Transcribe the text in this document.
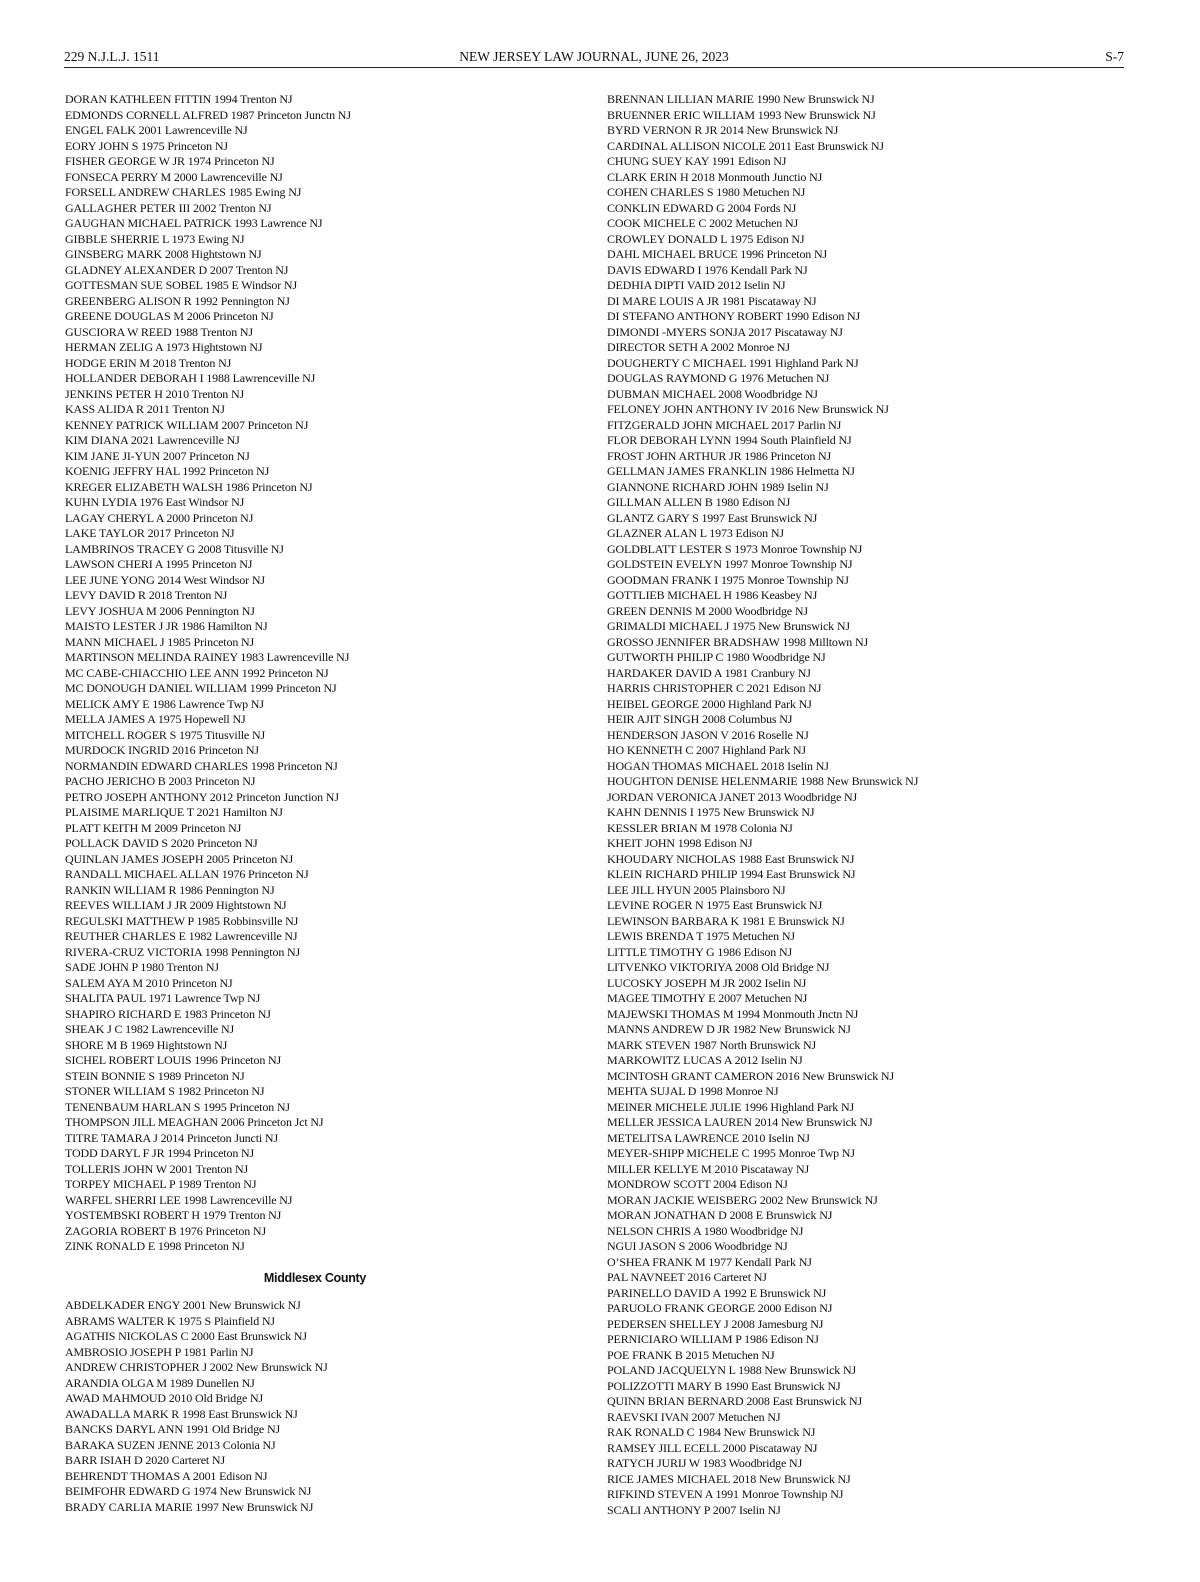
229 N.J.L.J. 1511	NEW JERSEY LAW JOURNAL, JUNE 26, 2023	S-7
DORAN KATHLEEN FITTIN 1994 Trenton NJ
EDMONDS CORNELL ALFRED 1987 Princeton Junctn NJ
ENGEL FALK 2001 Lawrenceville NJ
EORY JOHN S 1975 Princeton NJ
FISHER GEORGE W JR 1974 Princeton NJ
FONSECA PERRY M 2000 Lawrenceville NJ
FORSELL ANDREW CHARLES 1985 Ewing NJ
GALLAGHER PETER III 2002 Trenton NJ
GAUGHAN MICHAEL PATRICK 1993 Lawrence NJ
GIBBLE SHERRIE L 1973 Ewing NJ
GINSBERG MARK 2008 Hightstown NJ
GLADNEY ALEXANDER D 2007 Trenton NJ
GOTTESMAN SUE SOBEL 1985 E Windsor NJ
GREENBERG ALISON R 1992 Pennington NJ
GREENE DOUGLAS M 2006 Princeton NJ
GUSCIORA W REED 1988 Trenton NJ
HERMAN ZELIG A 1973 Hightstown NJ
HODGE ERIN M 2018 Trenton NJ
HOLLANDER DEBORAH I 1988 Lawrenceville NJ
JENKINS PETER H 2010 Trenton NJ
KASS ALIDA R 2011 Trenton NJ
KENNEY PATRICK WILLIAM 2007 Princeton NJ
KIM DIANA 2021 Lawrenceville NJ
KIM JANE JI-YUN 2007 Princeton NJ
KOENIG JEFFRY HAL 1992 Princeton NJ
KREGER ELIZABETH WALSH 1986 Princeton NJ
KUHN LYDIA 1976 East Windsor NJ
LAGAY CHERYL A 2000 Princeton NJ
LAKE TAYLOR 2017 Princeton NJ
LAMBRINOS TRACEY G 2008 Titusville NJ
LAWSON CHERI A 1995 Princeton NJ
LEE JUNE YONG 2014 West Windsor NJ
LEVY DAVID R 2018 Trenton NJ
LEVY JOSHUA M 2006 Pennington NJ
MAISTO LESTER J JR 1986 Hamilton NJ
MANN MICHAEL J 1985 Princeton NJ
MARTINSON MELINDA RAINEY 1983 Lawrenceville NJ
MC CABE-CHIACCHIO LEE ANN 1992 Princeton NJ
MC DONOUGH DANIEL WILLIAM 1999 Princeton NJ
MELICK AMY E 1986 Lawrence Twp NJ
MELLA JAMES A 1975 Hopewell NJ
MITCHELL ROGER S 1975 Titusville NJ
MURDOCK INGRID 2016 Princeton NJ
NORMANDIN EDWARD CHARLES 1998 Princeton NJ
PACHO JERICHO B 2003 Princeton NJ
PETRO JOSEPH ANTHONY 2012 Princeton Junction NJ
PLAISIME MARLIQUE T 2021 Hamilton NJ
PLATT KEITH M 2009 Princeton NJ
POLLACK DAVID S 2020 Princeton NJ
QUINLAN JAMES JOSEPH 2005 Princeton NJ
RANDALL MICHAEL ALLAN 1976 Princeton NJ
RANKIN WILLIAM R 1986 Pennington NJ
REEVES WILLIAM J JR 2009 Hightstown NJ
REGULSKI MATTHEW P 1985 Robbinsville NJ
REUTHER CHARLES E 1982 Lawrenceville NJ
RIVERA-CRUZ VICTORIA 1998 Pennington NJ
SADE JOHN P 1980 Trenton NJ
SALEM AYA M 2010 Princeton NJ
SHALITA PAUL 1971 Lawrence Twp NJ
SHAPIRO RICHARD E 1983 Princeton NJ
SHEAK J C 1982 Lawrenceville NJ
SHORE M B 1969 Hightstown NJ
SICHEL ROBERT LOUIS 1996 Princeton NJ
STEIN BONNIE S 1989 Princeton NJ
STONER WILLIAM S 1982 Princeton NJ
TENENBAUM HARLAN S 1995 Princeton NJ
THOMPSON JILL MEAGHAN 2006 Princeton Jct NJ
TITRE TAMARA J 2014 Princeton Juncti NJ
TODD DARYL F JR 1994 Princeton NJ
TOLLERIS JOHN W 2001 Trenton NJ
TORPEY MICHAEL P 1989 Trenton NJ
WARFEL SHERRI LEE 1998 Lawrenceville NJ
YOSTEMBSKI ROBERT H 1979 Trenton NJ
ZAGORIA ROBERT B 1976 Princeton NJ
ZINK RONALD E 1998 Princeton NJ
Middlesex County
ABDELKADER ENGY 2001 New Brunswick NJ
ABRAMS WALTER K 1975 S Plainfield NJ
AGATHIS NICKOLAS C 2000 East Brunswick NJ
AMBROSIO JOSEPH P 1981 Parlin NJ
ANDREW CHRISTOPHER J 2002 New Brunswick NJ
ARANDIA OLGA M 1989 Dunellen NJ
AWAD MAHMOUD 2010 Old Bridge NJ
AWADALLA MARK R 1998 East Brunswick NJ
BANCKS DARYL ANN 1991 Old Bridge NJ
BARAKA SUZEN JENNE 2013 Colonia NJ
BARR ISIAH D 2020 Carteret NJ
BEHRENDT THOMAS A 2001 Edison NJ
BEIMFOHR EDWARD G 1974 New Brunswick NJ
BRADY CARLIA MARIE 1997 New Brunswick NJ
BRENNAN LILLIAN MARIE 1990 New Brunswick NJ
BRUENNER ERIC WILLIAM 1993 New Brunswick NJ
BYRD VERNON R JR 2014 New Brunswick NJ
CARDINAL ALLISON NICOLE 2011 East Brunswick NJ
CHUNG SUEY KAY 1991 Edison NJ
CLARK ERIN H 2018 Monmouth Junctio NJ
COHEN CHARLES S 1980 Metuchen NJ
CONKLIN EDWARD G 2004 Fords NJ
COOK MICHELE C 2002 Metuchen NJ
CROWLEY DONALD L 1975 Edison NJ
DAHL MICHAEL BRUCE 1996 Princeton NJ
DAVIS EDWARD I 1976 Kendall Park NJ
DEDHIA DIPTI VAID 2012 Iselin NJ
DI MARE LOUIS A JR 1981 Piscataway NJ
DI STEFANO ANTHONY ROBERT 1990 Edison NJ
DIMONDI -MYERS SONJA 2017 Piscataway NJ
DIRECTOR SETH A 2002 Monroe NJ
DOUGHERTY C MICHAEL 1991 Highland Park NJ
DOUGLAS RAYMOND G 1976 Metuchen NJ
DUBMAN MICHAEL 2008 Woodbridge NJ
FELONEY JOHN ANTHONY IV 2016 New Brunswick NJ
FITZGERALD JOHN MICHAEL 2017 Parlin NJ
FLOR DEBORAH LYNN 1994 South Plainfield NJ
FROST JOHN ARTHUR JR 1986 Princeton NJ
GELLMAN JAMES FRANKLIN 1986 Helmetta NJ
GIANNONE RICHARD JOHN 1989 Iselin NJ
GILLMAN ALLEN B 1980 Edison NJ
GLANTZ GARY S 1997 East Brunswick NJ
GLAZNER ALAN L 1973 Edison NJ
GOLDBLATT LESTER S 1973 Monroe Township NJ
GOLDSTEIN EVELYN 1997 Monroe Township NJ
GOODMAN FRANK I 1975 Monroe Township NJ
GOTTLIEB MICHAEL H 1986 Keasbey NJ
GREEN DENNIS M 2000 Woodbridge NJ
GRIMALDI MICHAEL J 1975 New Brunswick NJ
GROSSO JENNIFER BRADSHAW 1998 Milltown NJ
GUTWORTH PHILIP C 1980 Woodbridge NJ
HARDAKER DAVID A 1981 Cranbury NJ
HARRIS CHRISTOPHER C 2021 Edison NJ
HEIBEL GEORGE 2000 Highland Park NJ
HEIR AJIT SINGH 2008 Columbus NJ
HENDERSON JASON V 2016 Roselle NJ
HO KENNETH C 2007 Highland Park NJ
HOGAN THOMAS MICHAEL 2018 Iselin NJ
HOUGHTON DENISE HELENMARIE 1988 New Brunswick NJ
JORDAN VERONICA JANET 2013 Woodbridge NJ
KAHN DENNIS I 1975 New Brunswick NJ
KESSLER BRIAN M 1978 Colonia NJ
KHEIT JOHN 1998 Edison NJ
KHOUDARY NICHOLAS 1988 East Brunswick NJ
KLEIN RICHARD PHILIP 1994 East Brunswick NJ
LEE JILL HYUN 2005 Plainsboro NJ
LEVINE ROGER N 1975 East Brunswick NJ
LEWINSON BARBARA K 1981 E Brunswick NJ
LEWIS BRENDA T 1975 Metuchen NJ
LITTLE TIMOTHY G 1986 Edison NJ
LITVENKO VIKTORIYA 2008 Old Bridge NJ
LUCOSKY JOSEPH M JR 2002 Iselin NJ
MAGEE TIMOTHY E 2007 Metuchen NJ
MAJEWSKI THOMAS M 1994 Monmouth Jnctn NJ
MANNS ANDREW D JR 1982 New Brunswick NJ
MARK STEVEN 1987 North Brunswick NJ
MARKOWITZ LUCAS A 2012 Iselin NJ
MCINTOSH GRANT CAMERON 2016 New Brunswick NJ
MEHTA SUJAL D 1998 Monroe NJ
MEINER MICHELE JULIE 1996 Highland Park NJ
MELLER JESSICA LAUREN 2014 New Brunswick NJ
METELITSA LAWRENCE 2010 Iselin NJ
MEYER-SHIPP MICHELE C 1995 Monroe Twp NJ
MILLER KELLYE M 2010 Piscataway NJ
MONDROW SCOTT 2004 Edison NJ
MORAN JACKIE WEISBERG 2002 New Brunswick NJ
MORAN JONATHAN D 2008 E Brunswick NJ
NELSON CHRIS A 1980 Woodbridge NJ
NGUI JASON S 2006 Woodbridge NJ
O’SHEA FRANK M 1977 Kendall Park NJ
PAL NAVNEET 2016 Carteret NJ
PARINELLO DAVID A 1992 E Brunswick NJ
PARUOLO FRANK GEORGE 2000 Edison NJ
PEDERSEN SHELLEY J 2008 Jamesburg NJ
PERNICIARO WILLIAM P 1986 Edison NJ
POE FRANK B 2015 Metuchen NJ
POLAND JACQUELYN L 1988 New Brunswick NJ
POLIZZOTTI MARY B 1990 East Brunswick NJ
QUINN BRIAN BERNARD 2008 East Brunswick NJ
RAEVSKI IVAN 2007 Metuchen NJ
RAK RONALD C 1984 New Brunswick NJ
RAMSEY JILL ECELL 2000 Piscataway NJ
RATYCH JURIJ W 1983 Woodbridge NJ
RICE JAMES MICHAEL 2018 New Brunswick NJ
RIFKIND STEVEN A 1991 Monroe Township NJ
SCALI ANTHONY P 2007 Iselin NJ
